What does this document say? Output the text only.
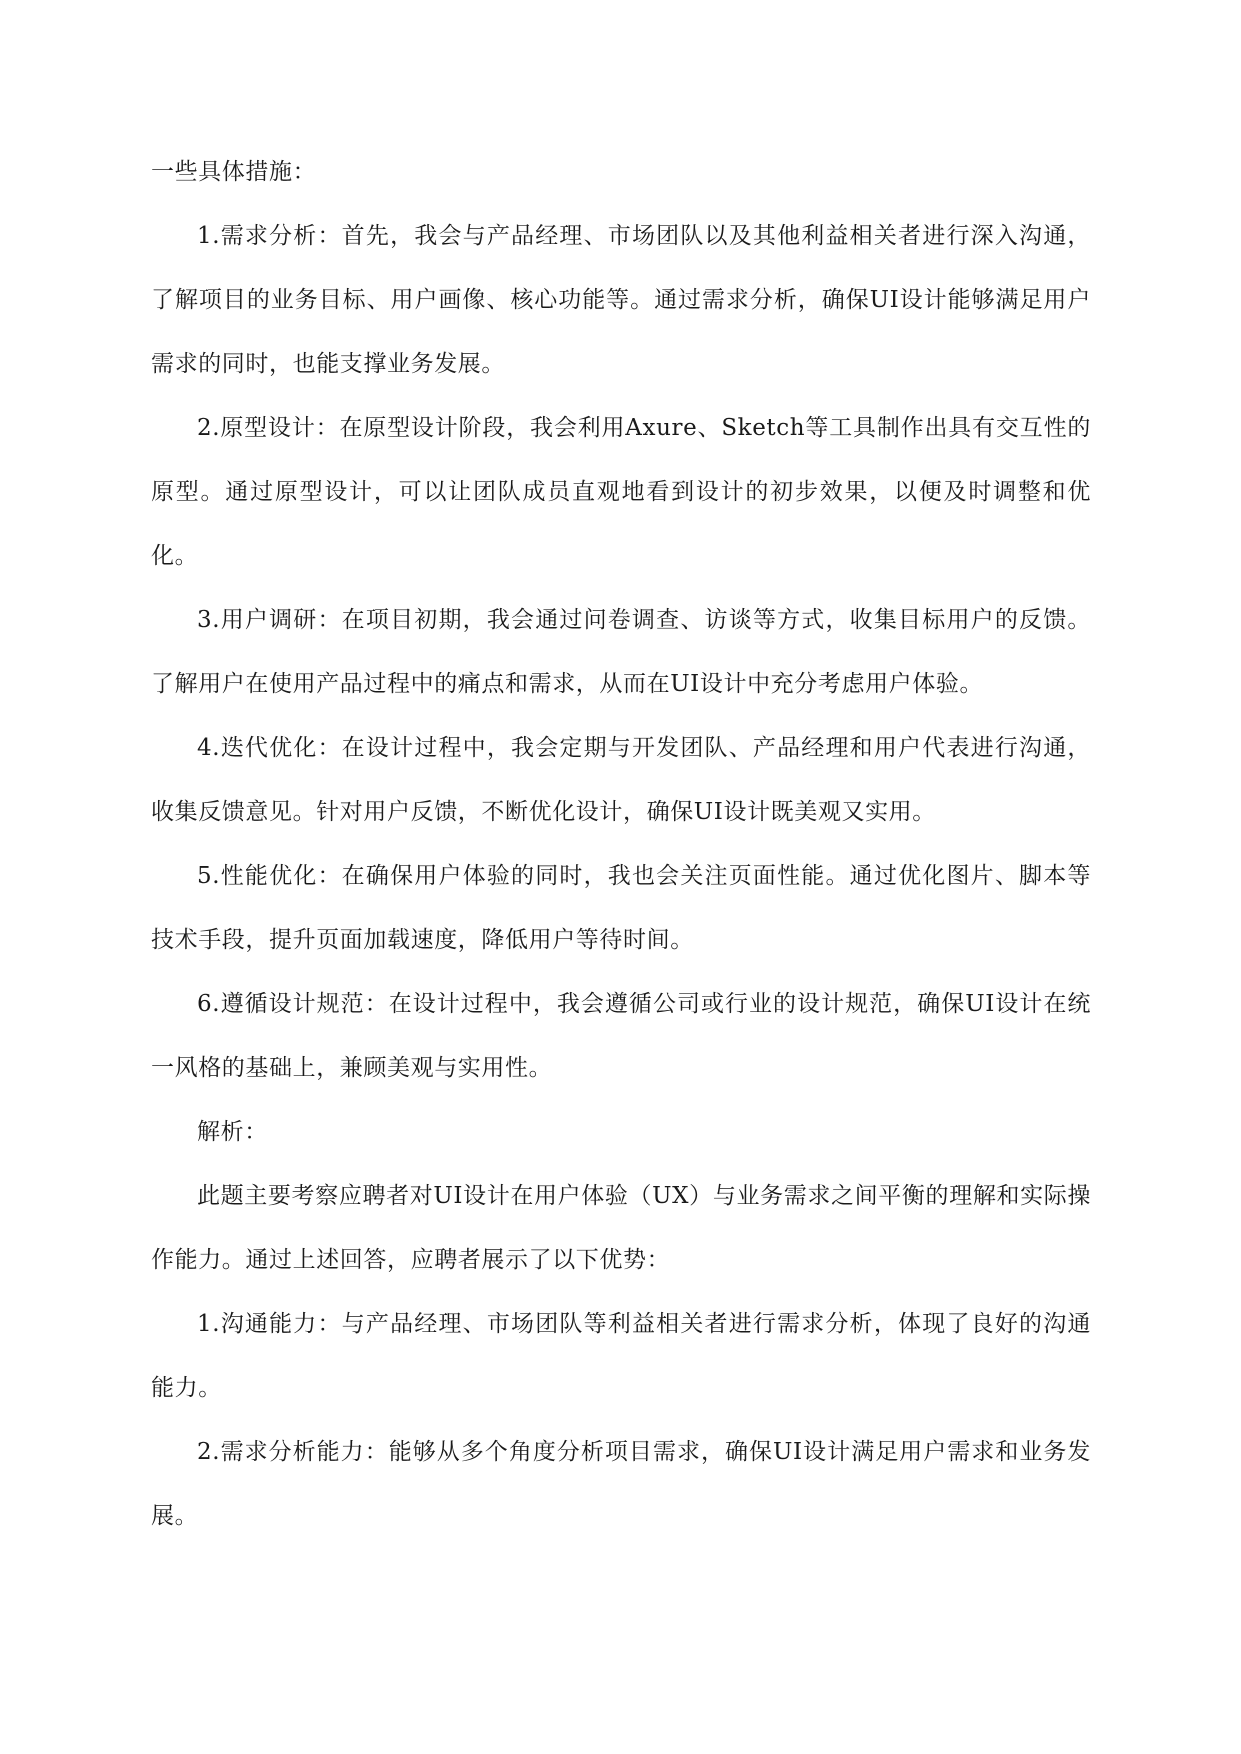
一些具体措施：

1.需求分析：首先，我会与产品经理、市场团队以及其他利益相关者进行深入沟通，了解项目的业务目标、用户画像、核心功能等。通过需求分析，确保UI设计能够满足用户需求的同时，也能支撑业务发展。

2.原型设计：在原型设计阶段，我会利用Axure、Sketch等工具制作出具有交互性的原型。通过原型设计，可以让团队成员直观地看到设计的初步效果，以便及时调整和优化。

3.用户调研：在项目初期，我会通过问卷调查、访谈等方式，收集目标用户的反馈。了解用户在使用产品过程中的痛点和需求，从而在UI设计中充分考虑用户体验。

4.迭代优化：在设计过程中，我会定期与开发团队、产品经理和用户代表进行沟通，收集反馈意见。针对用户反馈，不断优化设计，确保UI设计既美观又实用。

5.性能优化：在确保用户体验的同时，我也会关注页面性能。通过优化图片、脚本等技术手段，提升页面加载速度，降低用户等待时间。

6.遵循设计规范：在设计过程中，我会遵循公司或行业的设计规范，确保UI设计在统一风格的基础上，兼顾美观与实用性。

解析：

此题主要考察应聘者对UI设计在用户体验（UX）与业务需求之间平衡的理解和实际操作能力。通过上述回答，应聘者展示了以下优势：

1.沟通能力：与产品经理、市场团队等利益相关者进行需求分析，体现了良好的沟通能力。

2.需求分析能力：能够从多个角度分析项目需求，确保UI设计满足用户需求和业务发展。
